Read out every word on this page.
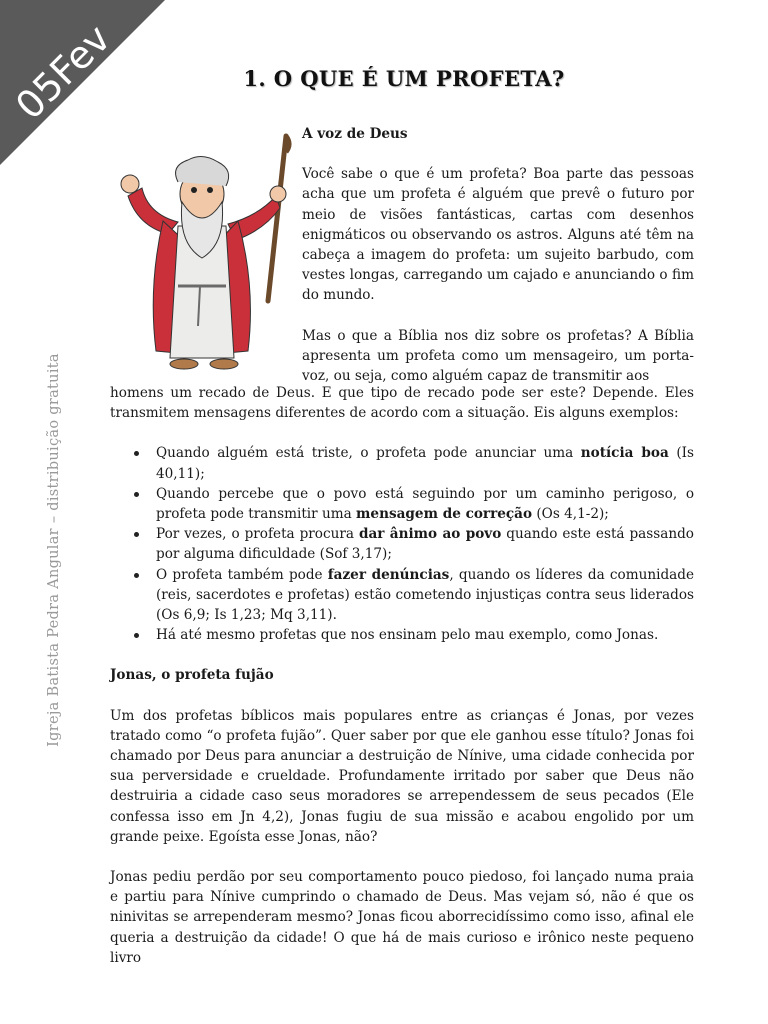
05Fev
Igreja Batista Pedra Angular – distribuição gratuita
1. O QUE É UM PROFETA?

A voz de Deus

Você sabe o que é um profeta? Boa parte das pessoas acha que um profeta é alguém que prevê o futuro por meio de visões fantásticas, cartas com desenhos enigmáticos ou observando os astros. Alguns até têm na cabeça a imagem do profeta: um sujeito barbudo, com vestes longas, carregando um cajado e anunciando o fim do mundo.

Mas o que a Bíblia nos diz sobre os profetas? A Bíblia apresenta um profeta como um mensageiro, um porta-voz, ou seja, como alguém capaz de transmitir aos

homens um recado de Deus. E que tipo de recado pode ser este? Depende. Eles transmitem mensagens diferentes de acordo com a situação. Eis alguns exemplos:

Quando alguém está triste, o profeta pode anunciar uma notícia boa (Is 40,11);
Quando percebe que o povo está seguindo por um caminho perigoso, o profeta pode transmitir uma mensagem de correção (Os 4,1-2);
Por vezes, o profeta procura dar ânimo ao povo quando este está passando por alguma dificuldade (Sof 3,17);
O profeta também pode fazer denúncias, quando os líderes da comunidade (reis, sacerdotes e profetas) estão cometendo injustiças contra seus liderados (Os 6,9; Is 1,23; Mq 3,11).
Há até mesmo profetas que nos ensinam pelo mau exemplo, como Jonas.

Jonas, o profeta fujão

Um dos profetas bíblicos mais populares entre as crianças é Jonas, por vezes tratado como “o profeta fujão”. Quer saber por que ele ganhou esse título? Jonas foi chamado por Deus para anunciar a destruição de Nínive, uma cidade conhecida por sua perversidade e crueldade. Profundamente irritado por saber que Deus não destruiria a cidade caso seus moradores se arrependessem de seus pecados (Ele confessa isso em Jn 4,2), Jonas fugiu de sua missão e acabou engolido por um grande peixe. Egoísta esse Jonas, não?

Jonas pediu perdão por seu comportamento pouco piedoso, foi lançado numa praia e partiu para Nínive cumprindo o chamado de Deus. Mas vejam só, não é que os ninivitas se arrependeram mesmo? Jonas ficou aborrecidíssimo como isso, afinal ele queria a destruição da cidade! O que há de mais curioso e irônico neste pequeno livro
